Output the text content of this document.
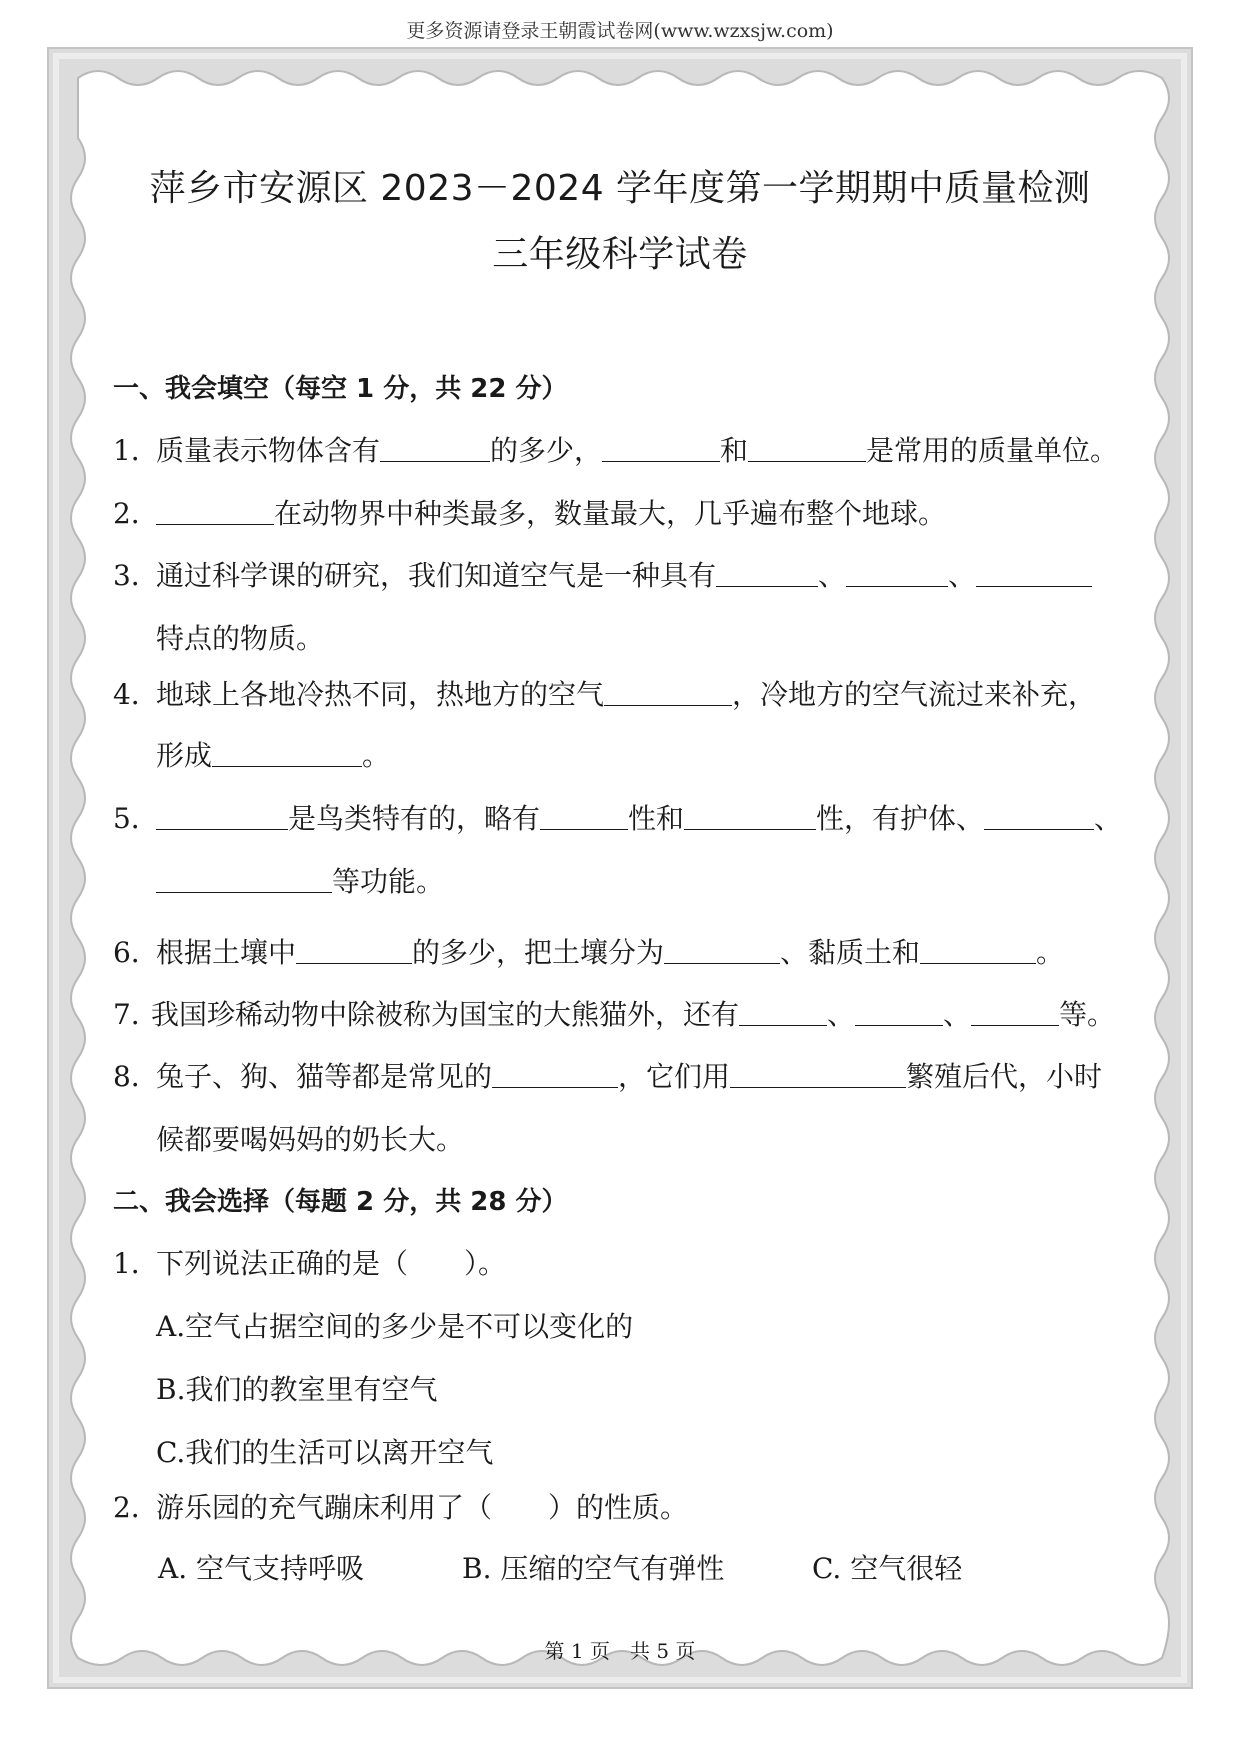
更多资源请登录王朝霞试卷网(www.wzxsjw.com)
萍乡市安源区 2023－2024 学年度第一学期期中质量检测
三年级科学试卷
一、我会填空（每空 1 分，共 22 分）
1．质量表示物体含有	的多少，	和	是常用的质量单位。
2．	在动物界中种类最多，数量最大，几乎遍布整个地球。
3．通过科学课的研究，我们知道空气是一种具有	、	、
特点的物质。
4．地球上各地冷热不同，热地方的空气	，冷地方的空气流过来补充，
形成	。
5．	是鸟类特有的，略有	性和	性，有护体、	、
等功能。
6．根据土壤中	的多少，把土壤分为	、黏质土和	。
7．我国珍稀动物中除被称为国宝的大熊猫外，还有	、	、	等。
8．兔子、狗、猫等都是常见的	，它们用	繁殖后代，小时
候都要喝妈妈的奶长大。
二、我会选择（每题 2 分，共 28 分）
1．下列说法正确的是（　　）。
A.空气占据空间的多少是不可以变化的
B.我们的教室里有空气
C.我们的生活可以离开空气
2．游乐园的充气蹦床利用了（　　）的性质。
A. 空气支持呼吸	B. 压缩的空气有弹性	C. 空气很轻
第 1 页　共 5 页
